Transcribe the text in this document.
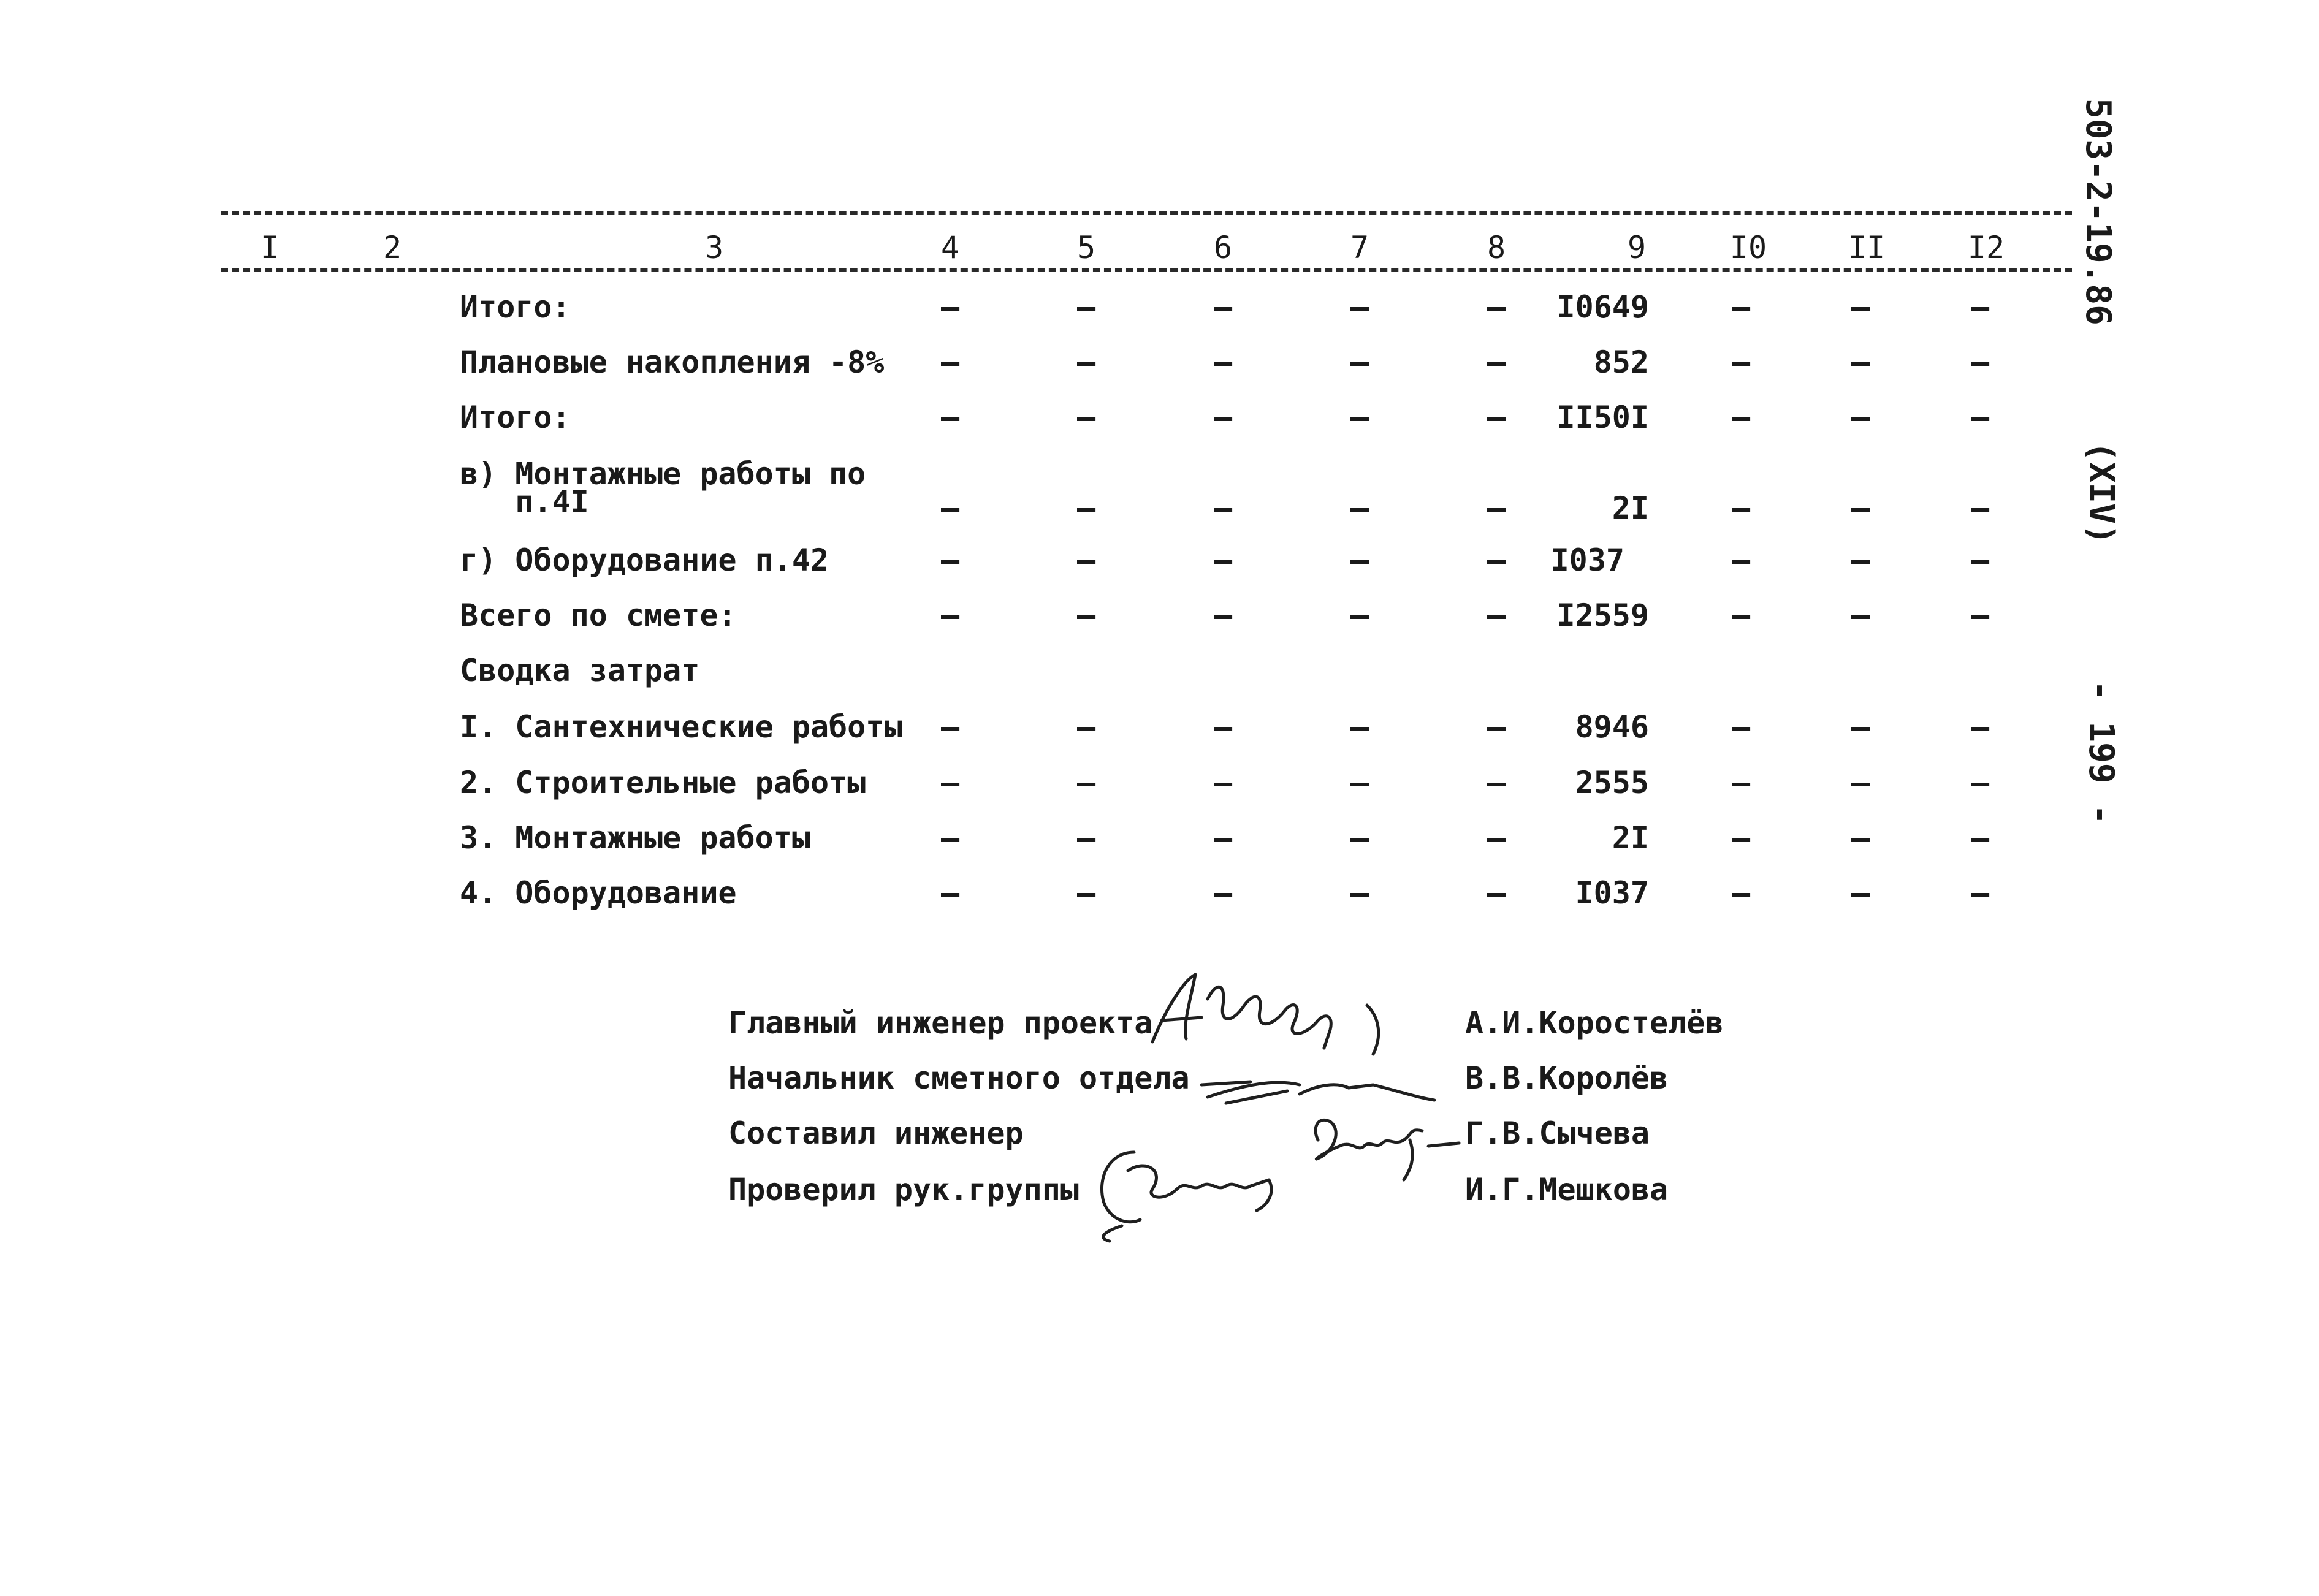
503-2-19.86
(XIV)
- 199 -
I	2	3	4	5	6	7	8	9	I0	II	I2
Итого:	–	–	–	–	–	I0649	–	–	–
Плановые накопления -8%	–	–	–	–	–	852	–	–	–
Итого:	–	–	–	–	–	II50I	–	–	–
в) Монтажные работы по
п.4I	–	–	–	–	–	2I	–	–	–
г) Оборудование п.42	–	–	–	–	–	I037	–	–	–
Всего по смете:	–	–	–	–	–	I2559	–	–	–
Сводка затрат
I. Сантехнические работы	–	–	–	–	–	8946	–	–	–
2. Строительные работы	–	–	–	–	–	2555	–	–	–
3. Монтажные работы	–	–	–	–	–	2I	–	–	–
4. Оборудование	–	–	–	–	–	I037	–	–	–
Главный инженер проекта	А.И.Коростелёв
Начальник сметного отдела	В.В.Королёв
Составил инженер	Г.В.Сычева
Проверил рук.группы	И.Г.Мешкова
